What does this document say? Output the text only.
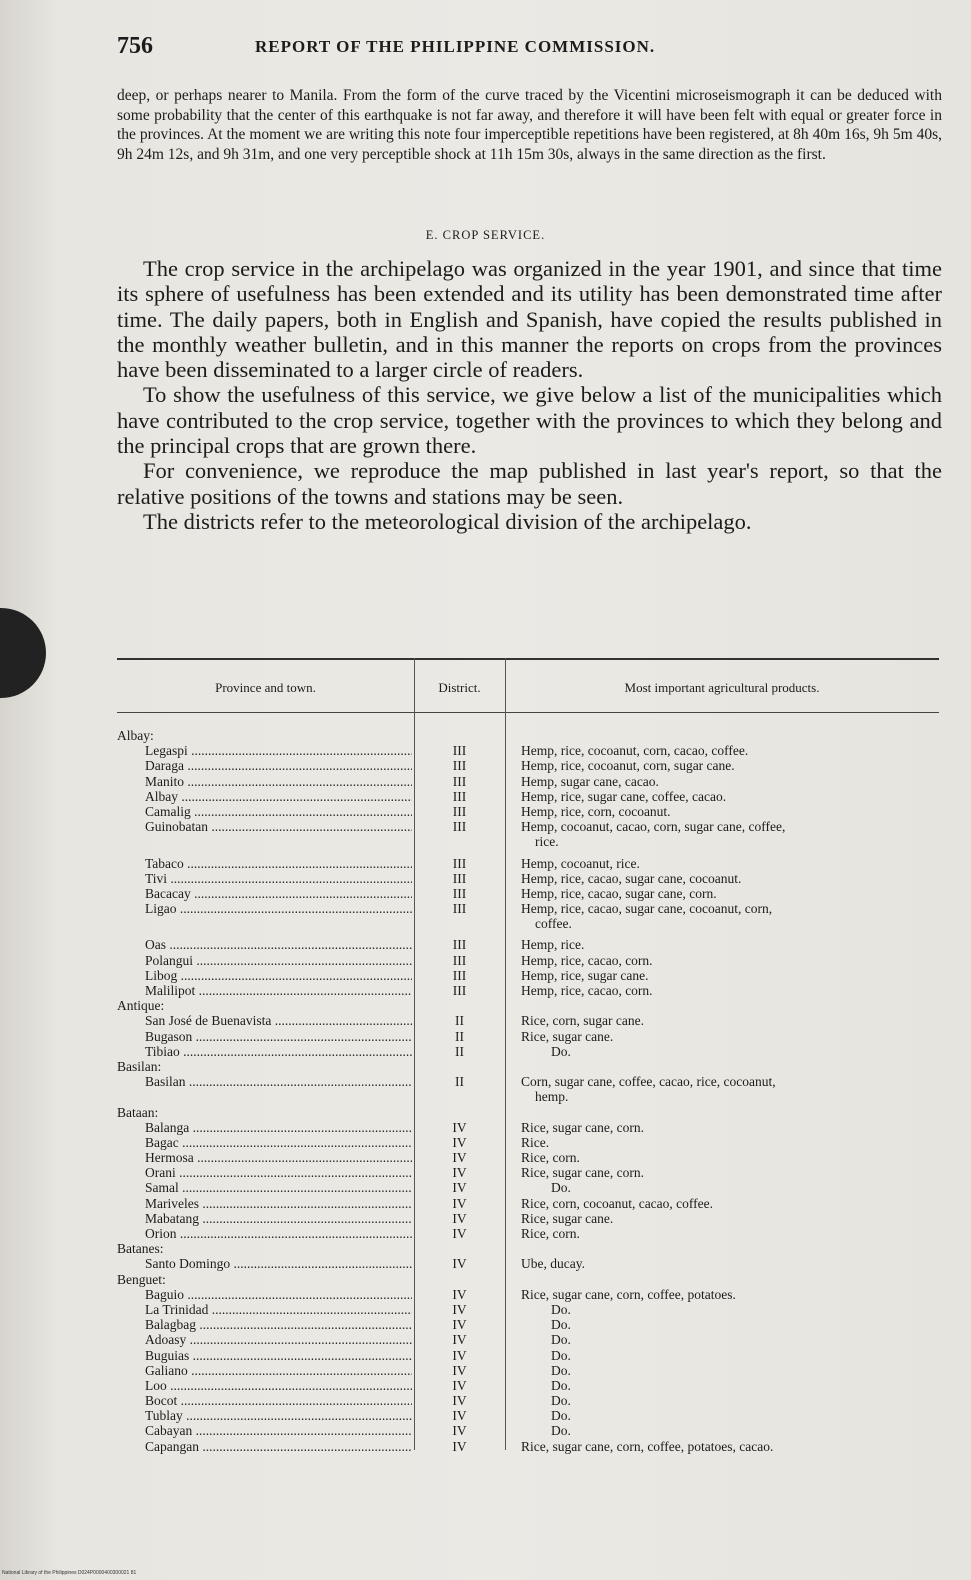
756	REPORT OF THE PHILIPPINE COMMISSION.

deep, or perhaps nearer to Manila. From the form of the curve traced by the Vicentini microseismograph it can be deduced with some probability that the center of this earthquake is not far away, and therefore it will have been felt with equal or greater force in the provinces. At the moment we are writing this note four imperceptible repetitions have been registered, at 8h 40m 16s, 9h 5m 40s, 9h 24m 12s, and 9h 31m, and one very perceptible shock at 11h 15m 30s, always in the same direction as the first.

E. CROP SERVICE.

The crop service in the archipelago was organized in the year 1901, and since that time its sphere of usefulness has been extended and its utility has been demonstrated time after time. The daily papers, both in English and Spanish, have copied the results published in the monthly weather bulletin, and in this manner the reports on crops from the provinces have been disseminated to a larger circle of readers.

To show the usefulness of this service, we give below a list of the municipalities which have contributed to the crop service, together with the provinces to which they belong and the principal crops that are grown there.

For convenience, we reproduce the map published in last year's report, so that the relative positions of the towns and stations may be seen.

The districts refer to the meteorological division of the archipelago.

Province and town.	District.	Most important agricultural products.
Albay:
Legaspi .....	III	Hemp, rice, cocoanut, corn, cacao, coffee.
Daraga .....	III	Hemp, rice, cocoanut, corn, sugar cane.
Manito .....	III	Hemp, sugar cane, cacao.
Albay .....	III	Hemp, rice, sugar cane, coffee, cacao.
Camalig .....	III	Hemp, rice, corn, cocoanut.
Guinobatan .....	III	Hemp, cocoanut, cacao, corn, sugar cane, coffee,
rice.
Tabaco .....	III	Hemp, cocoanut, rice.
Tivi .....	III	Hemp, rice, cacao, sugar cane, cocoanut.
Bacacay .....	III	Hemp, rice, cacao, sugar cane, corn.
Ligao .....	III	Hemp, rice, cacao, sugar cane, cocoanut, corn,
coffee.
Oas .....	III	Hemp, rice.
Polangui .....	III	Hemp, rice, cacao, corn.
Libog .....	III	Hemp, rice, sugar cane.
Malilipot .....	III	Hemp, rice, cacao, corn.
Antique:
San José de Buenavista .....	II	Rice, corn, sugar cane.
Bugason .....	II	Rice, sugar cane.
Tibiao .....	II	Do.
Basilan:
Basilan .....	II	Corn, sugar cane, coffee, cacao, rice, cocoanut,
hemp.
Bataan:
Balanga .....	IV	Rice, sugar cane, corn.
Bagac .....	IV	Rice.
Hermosa .....	IV	Rice, corn.
Orani .....	IV	Rice, sugar cane, corn.
Samal .....	IV	Do.
Mariveles .....	IV	Rice, corn, cocoanut, cacao, coffee.
Mabatang .....	IV	Rice, sugar cane.
Orion .....	IV	Rice, corn.
Batanes:
Santo Domingo .....	IV	Ube, ducay.
Benguet:
Baguio .....	IV	Rice, sugar cane, corn, coffee, potatoes.
La Trinidad .....	IV	Do.
Balagbag .....	IV	Do.
Adoasy .....	IV	Do.
Buguias .....	IV	Do.
Galiano .....	IV	Do.
Loo .....	IV	Do.
Bocot .....	IV	Do.
Tublay .....	IV	Do.
Cabayan .....	IV	Do.
Capangan .....	IV	Rice, sugar cane, corn, coffee, potatoes, cacao.
National Library of the Philippines D024P0000400300021 81
